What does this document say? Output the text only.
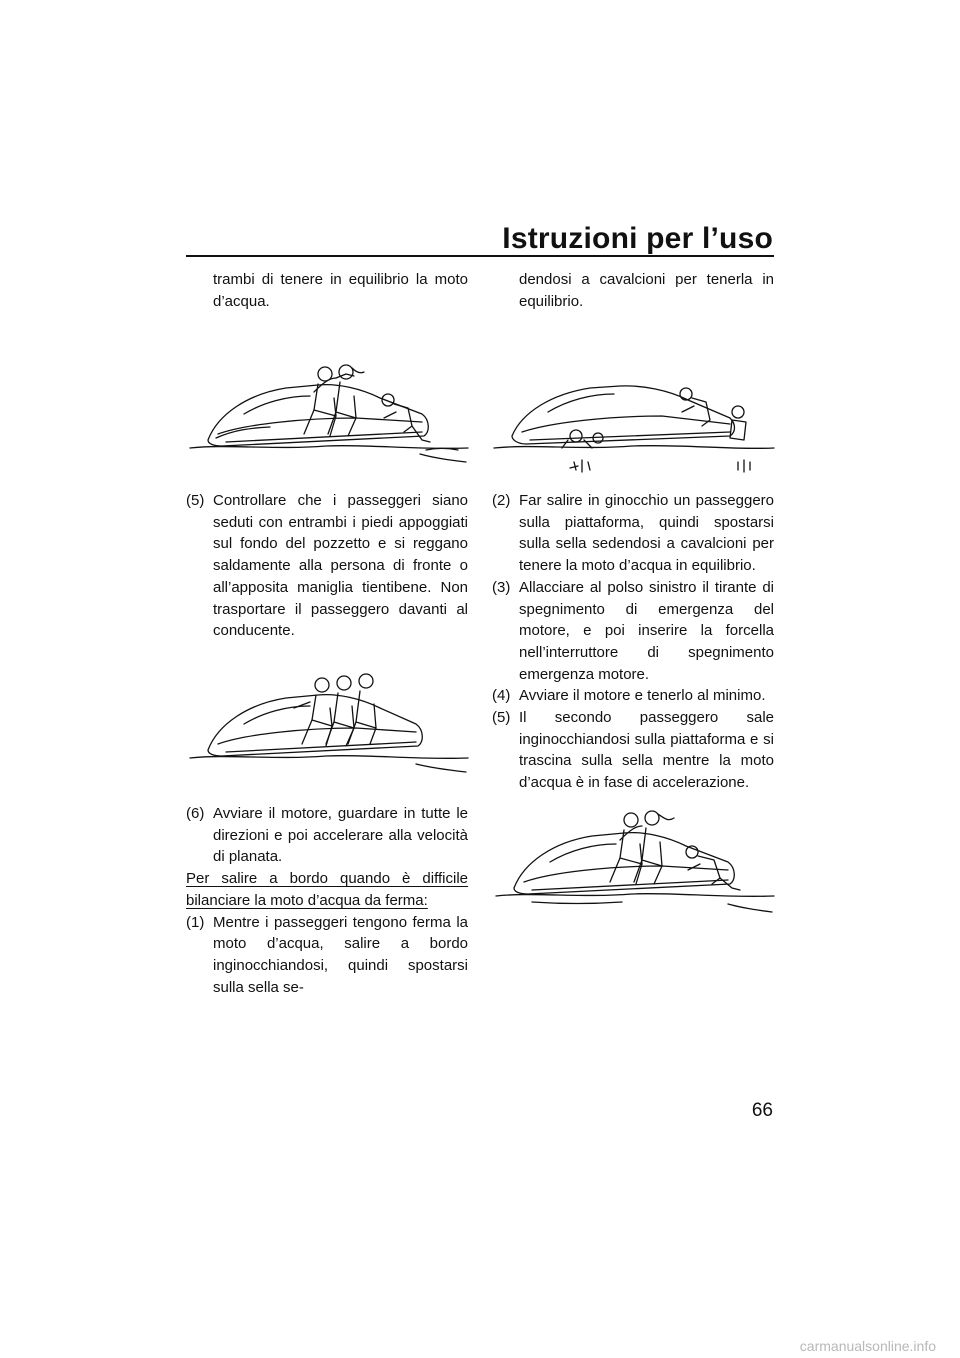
Istruzioni per l’uso

trambi di tenere in equilibrio la moto d’acqua.

(5) Controllare che i passeggeri siano seduti con entrambi i piedi appoggiati sul fondo del pozzetto e si reggano saldamente alla persona di fronte o all’apposita maniglia tientibene. Non trasportare il passeggero davanti al conducente.
(6) Avviare il motore, guardare in tutte le direzioni e poi accelerare alla velocità di planata.

Per salire a bordo quando è difficile bilanciare la moto d’acqua da ferma:

(1) Mentre i passeggeri tengono ferma la moto d’acqua, salire a bordo inginocchiandosi, quindi spostarsi sulla sella se-

dendosi a cavalcioni per tenerla in equilibrio.

(2) Far salire in ginocchio un passeggero sulla piattaforma, quindi spostarsi sulla sella sedendosi a cavalcioni per tenere la moto d’acqua in equilibrio.
(3) Allacciare al polso sinistro il tirante di spegnimento di emergenza del motore, e poi inserire la forcella nell’interruttore di spegnimento emergenza motore.
(4) Avviare il motore e tenerlo al minimo.
(5) Il secondo passeggero sale inginocchiandosi sulla piattaforma e si trascina sulla sella mentre la moto d’acqua è in fase di accelerazione.

66

carmanualsonline.info
